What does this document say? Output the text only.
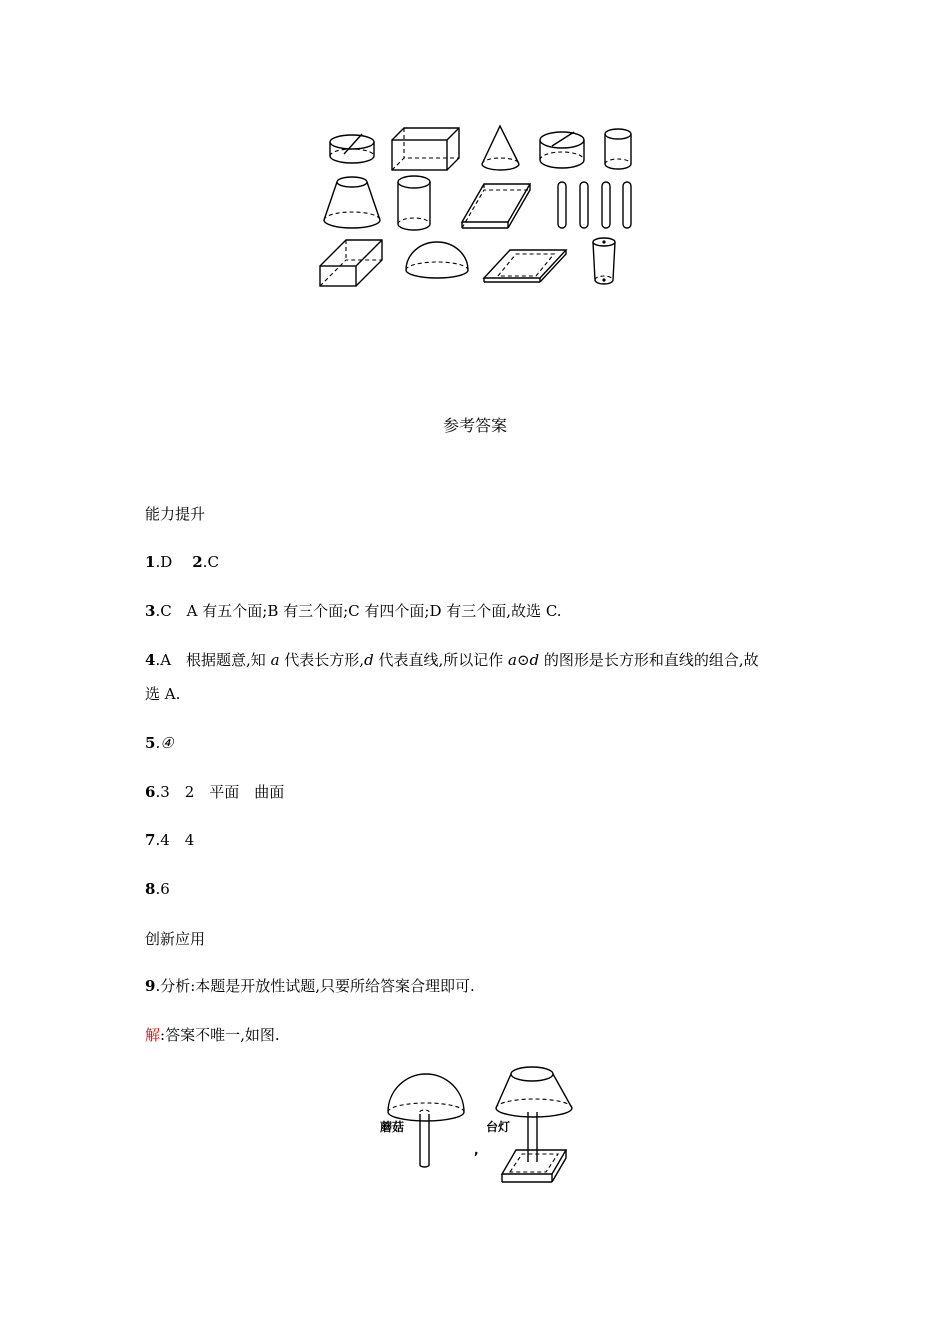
参考答案
能力提升
1.D 2.C
3.C　A 有五个面;B 有三个面;C 有四个面;D 有三个面,故选 C.
4.A　根据题意,知 a 代表长方形,d 代表直线,所以记作 a⊙d 的图形是长方形和直线的组合,故
选 A.
5.④
6.3　2　平面　曲面
7.4　4
8.6
创新应用
9.分析:本题是开放性试题,只要所给答案合理即可.
解:答案不唯一,如图.
蘑菇
,
台灯
